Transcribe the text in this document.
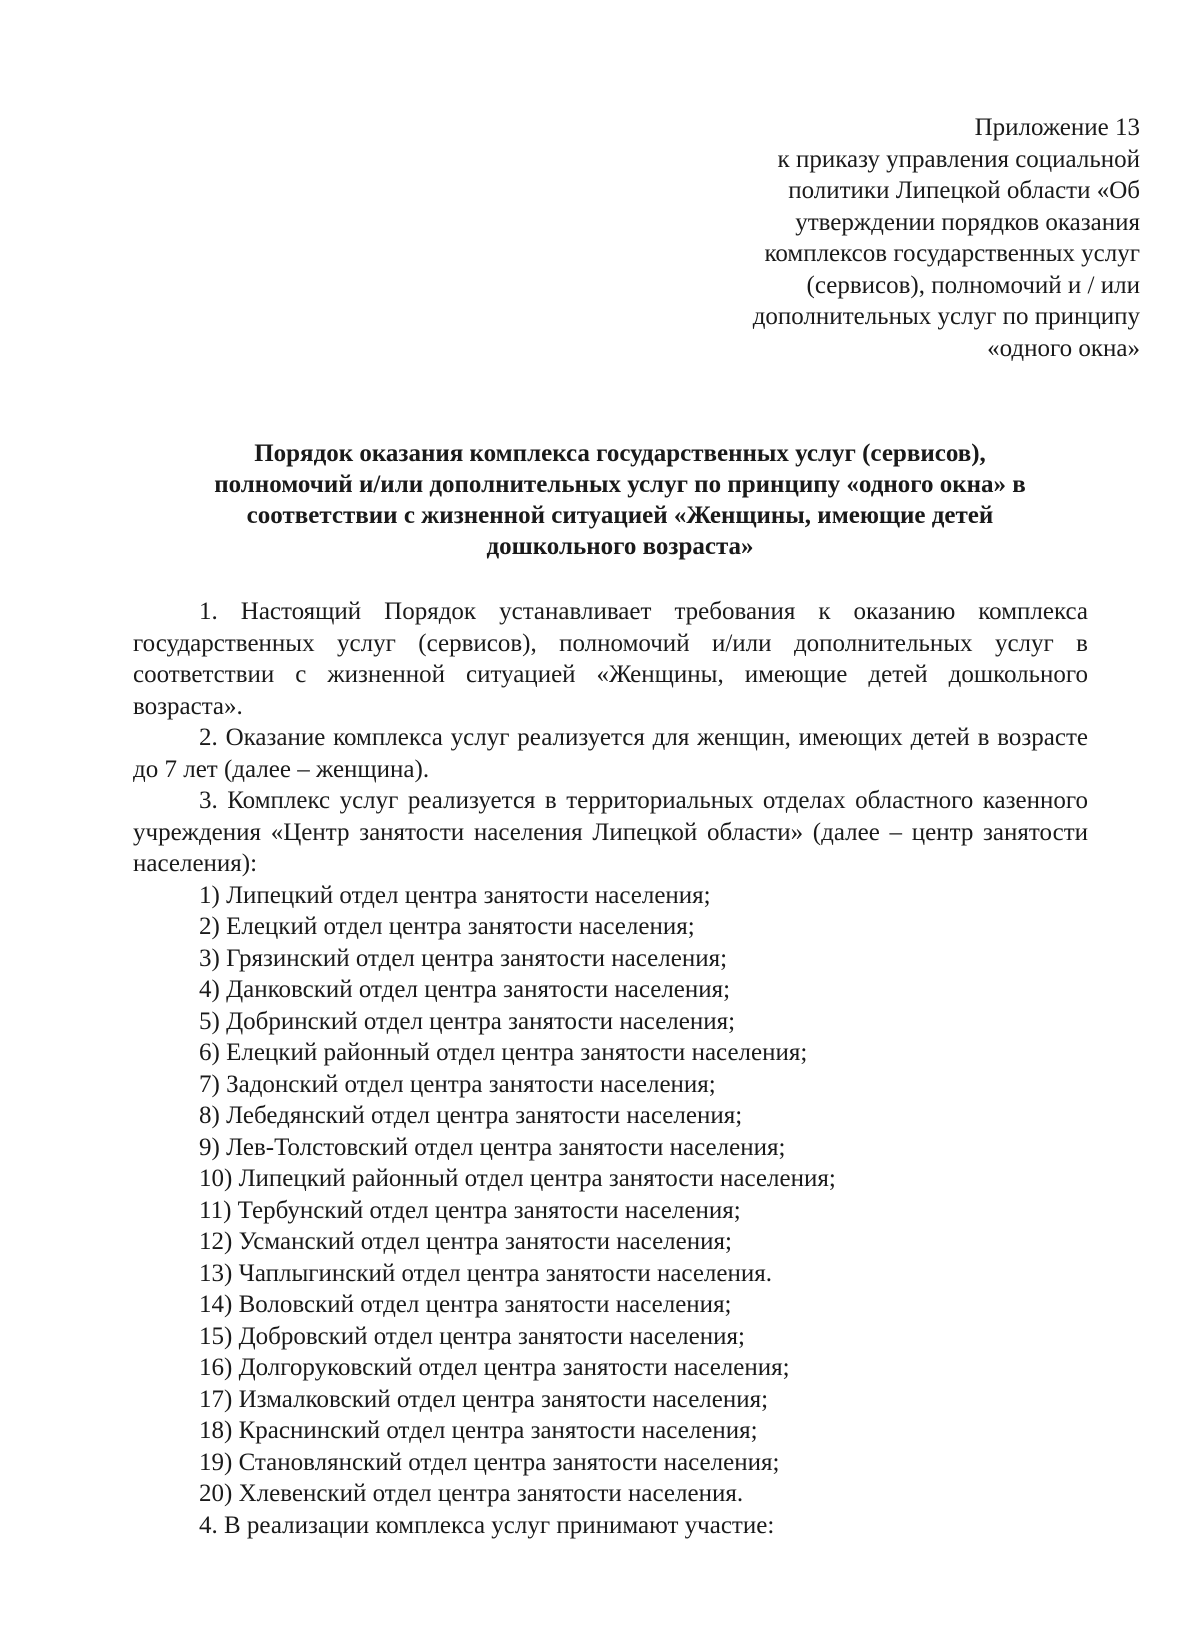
Приложение 13
к приказу управления социальной
политики Липецкой области «Об
утверждении порядков оказания
комплексов государственных услуг
(сервисов), полномочий и / или
дополнительных услуг по принципу
«одного окна»
Порядок оказания комплекса государственных услуг (сервисов),
полномочий и/или дополнительных услуг по принципу «одного окна» в
соответствии с жизненной ситуацией «Женщины, имеющие детей
дошкольного возраста»

1. Настоящий Порядок устанавливает требования к оказанию комплекса государственных услуг (сервисов), полномочий и/или дополнительных услуг в соответствии с жизненной ситуацией «Женщины, имеющие детей дошкольного возраста».

2. Оказание комплекса услуг реализуется для женщин, имеющих детей в возрасте до 7 лет (далее – женщина).

3. Комплекс услуг реализуется в территориальных отделах областного казенного учреждения «Центр занятости населения Липецкой области» (далее – центр занятости населения):

1) Липецкий отдел центра занятости населения;
2) Елецкий отдел центра занятости населения;
3) Грязинский отдел центра занятости населения;
4) Данковский отдел центра занятости населения;
5) Добринский отдел центра занятости населения;
6) Елецкий районный отдел центра занятости населения;
7) Задонский отдел центра занятости населения;
8) Лебедянский отдел центра занятости населения;
9) Лев-Толстовский отдел центра занятости населения;
10) Липецкий районный отдел центра занятости населения;
11) Тербунский отдел центра занятости населения;
12) Усманский отдел центра занятости населения;
13) Чаплыгинский отдел центра занятости населения.
14) Воловский отдел центра занятости населения;
15) Добровский отдел центра занятости населения;
16) Долгоруковский отдел центра занятости населения;
17) Измалковский отдел центра занятости населения;
18) Краснинский отдел центра занятости населения;
19) Становлянский отдел центра занятости населения;
20) Хлевенский отдел центра занятости населения.
4. В реализации комплекса услуг принимают участие:
